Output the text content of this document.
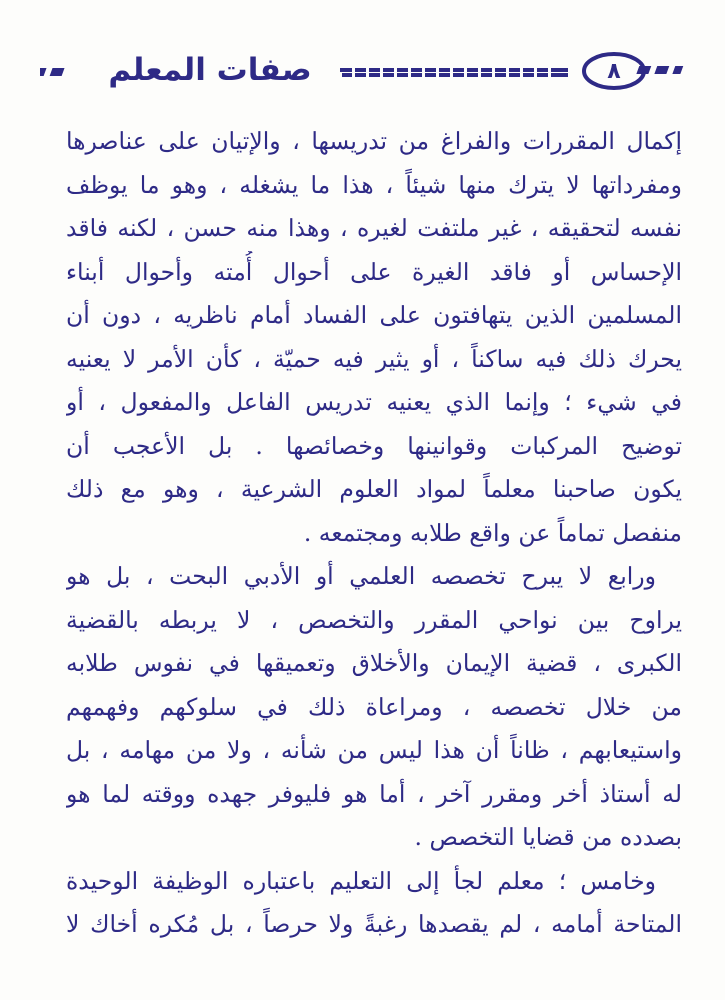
٨
صفات المعلم
إكمال المقررات والفراغ من تدريسها ، والإتيان على عناصرها
ومفرداتها لا يترك منها شيئاً ، هذا ما يشغله ، وهو ما يوظف
نفسه لتحقيقه ، غير ملتفت لغيره ، وهذا منه حسن ، لكنه فاقد
الإحساس أو فاقد الغيرة على أحوال أُمته وأحوال أبناء
المسلمين الذين يتهافتون على الفساد أمام ناظريه ، دون أن
يحرك ذلك فيه ساكناً ، أو يثير فيه حميّة ، كأن الأمر لا يعنيه
في شيء ؛ وإنما الذي يعنيه تدريس الفاعل والمفعول ، أو
توضيح المركبات وقوانينها وخصائصها . بل الأعجب أن
يكون صاحبنا معلماً لمواد العلوم الشرعية ، وهو مع ذلك
منفصل تماماً عن واقع طلابه ومجتمعه .
ورابع لا يبرح تخصصه العلمي أو الأدبي البحت ، بل هو
يراوح بين نواحي المقرر والتخصص ، لا يربطه بالقضية
الكبرى ، قضية الإيمان والأخلاق وتعميقها في نفوس طلابه
من خلال تخصصه ، ومراعاة ذلك في سلوكهم وفهمهم
واستيعابهم ، ظاناً أن هذا ليس من شأنه ، ولا من مهامه ، بل
له أستاذ أخر ومقرر آخر ، أما هو فليوفر جهده ووقته لما هو
بصدده من قضايا التخصص .
وخامس ؛ معلم لجأ إلى التعليم باعتباره الوظيفة الوحيدة
المتاحة أمامه ، لم يقصدها رغبةً ولا حرصاً ، بل مُكره أخاك لا
